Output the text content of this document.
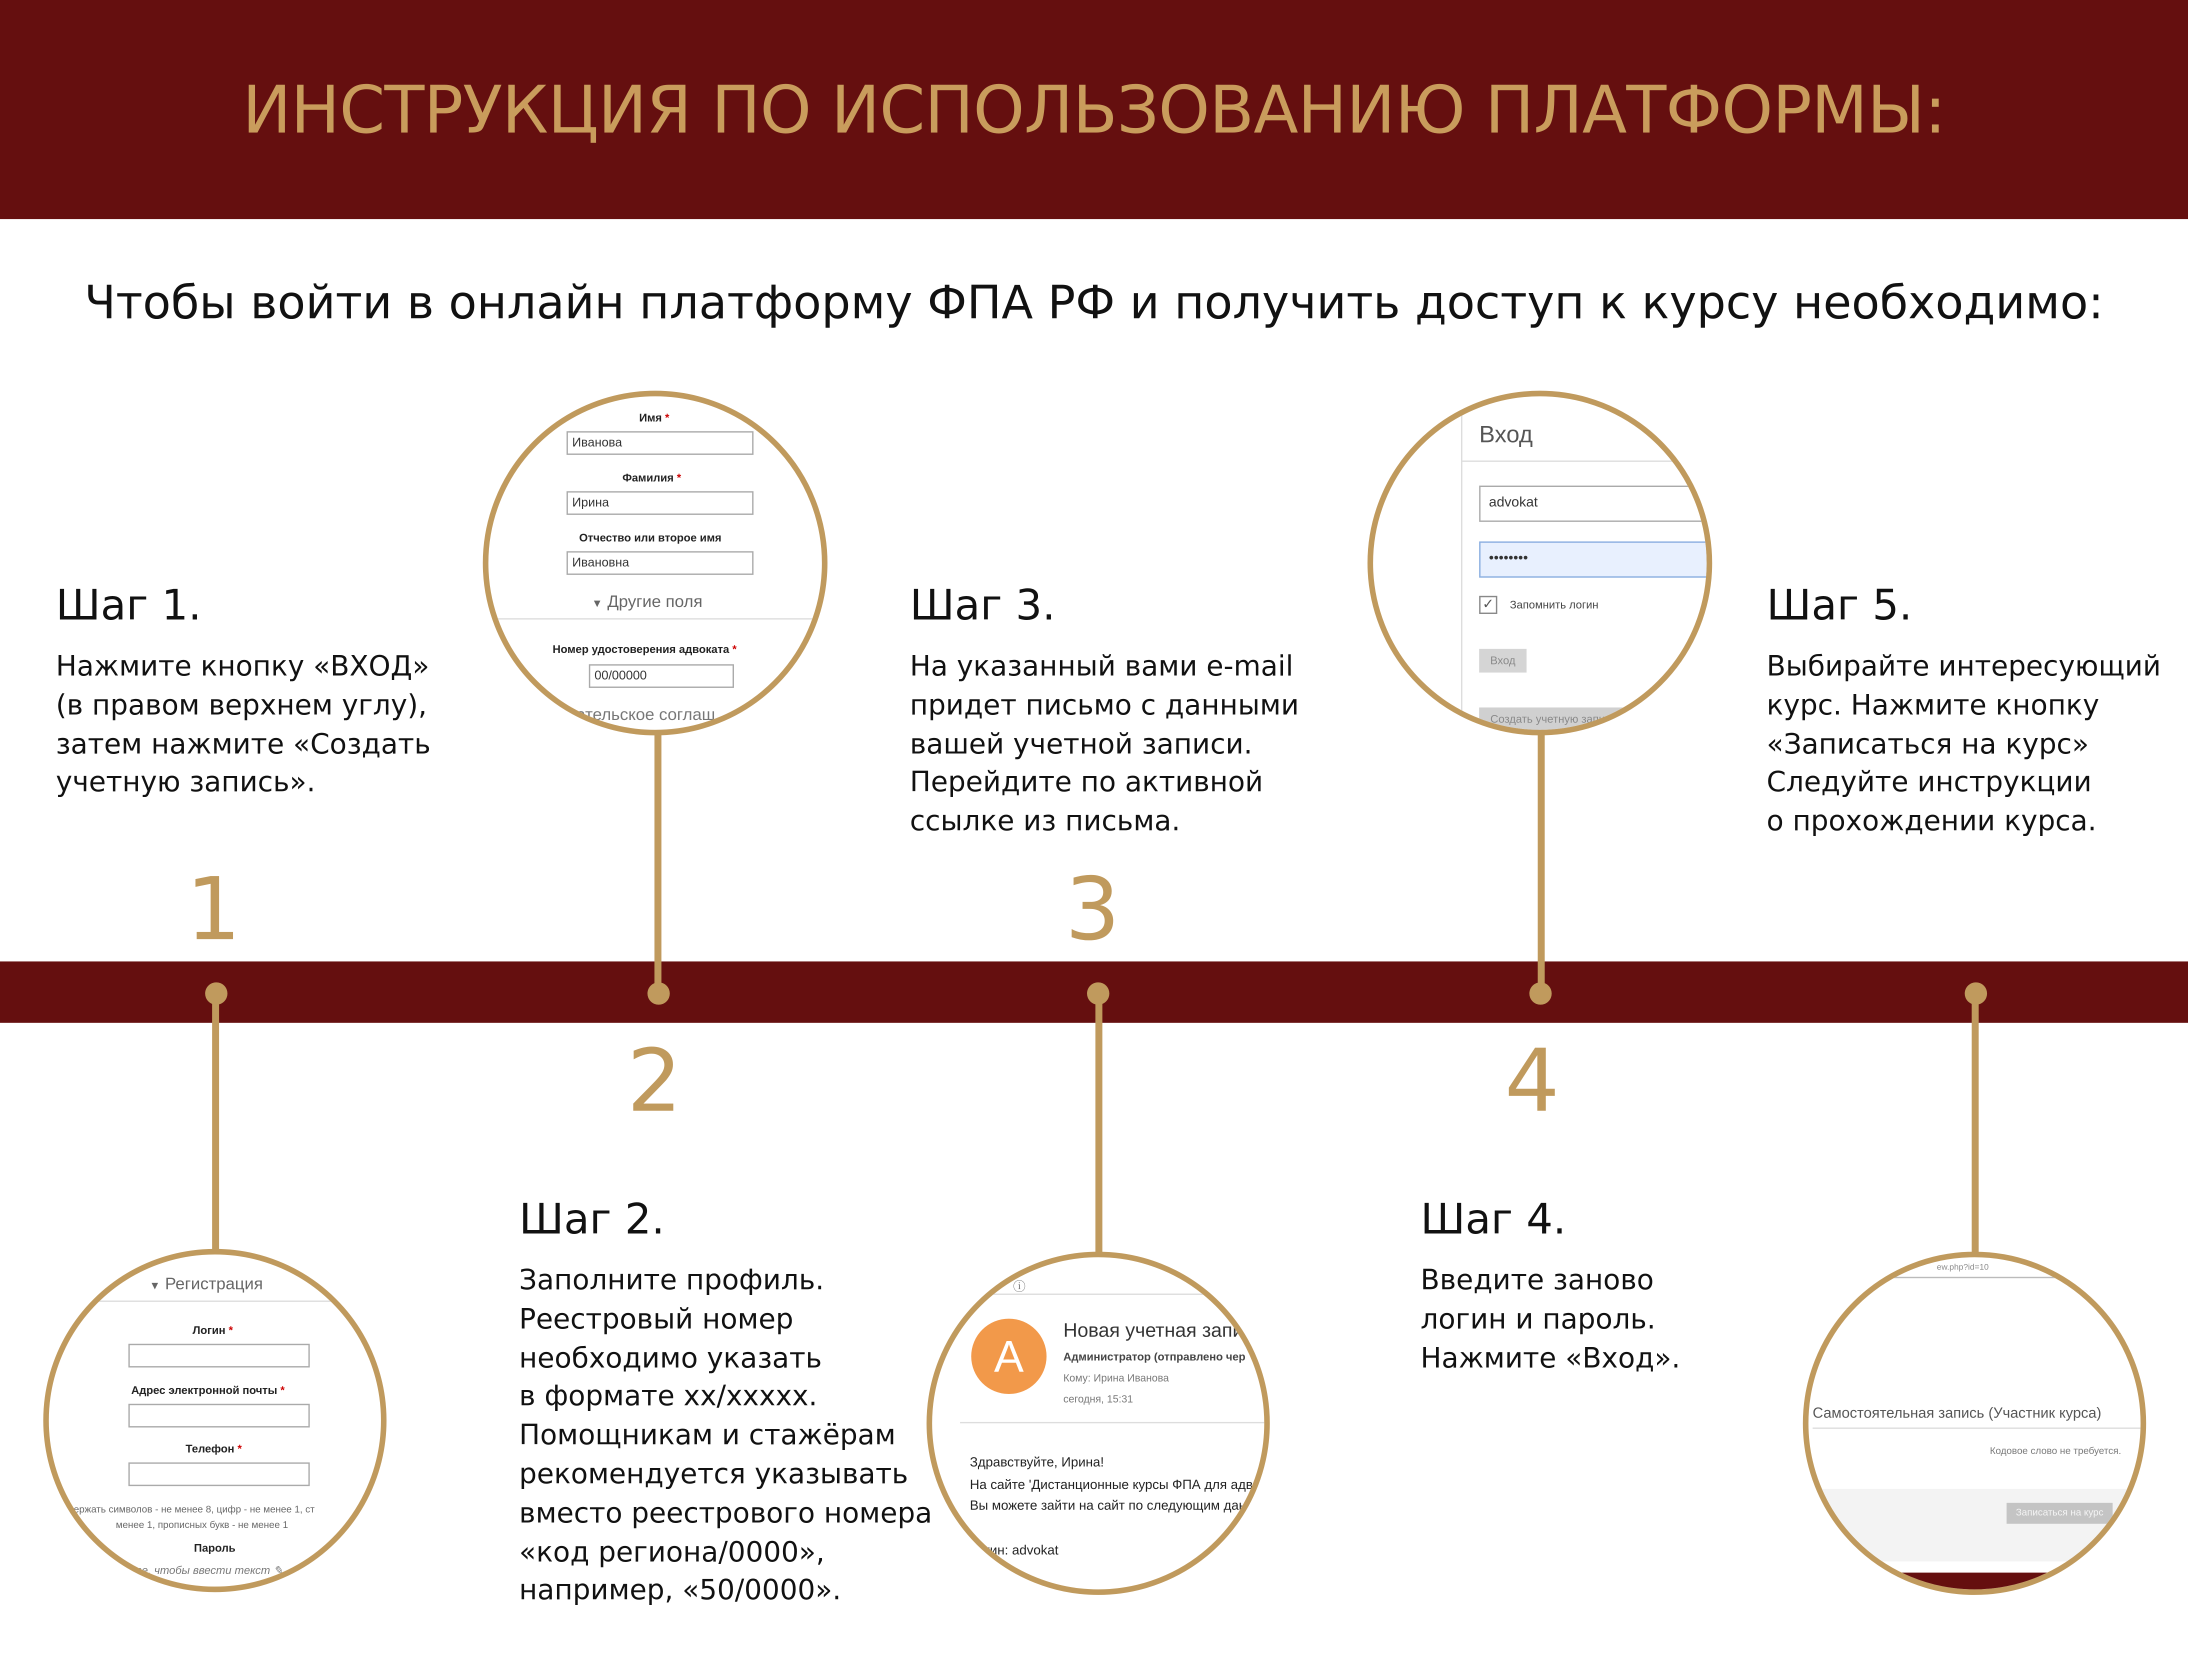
ИНСТРУКЦИЯ ПО ИСПОЛЬЗОВАНИЮ ПЛАТФОРМЫ:
Чтобы войти в онлайн платформу ФПА РФ и получить доступ к курсу необходимо:
1
2
3
4
Шаг 1.
Нажмите кнопку «ВХОД»
(в правом верхнем углу),
затем нажмите «Создать
учетную запись».
Шаг 2.
Заполните профиль.
Реестровый номер
необходимо указать
в формате хх/ххххх.
Помощникам и стажёрам
рекомендуется указывать
вместо реестрового номера
«код региона/0000»,
например, «50/0000».
Шаг 3.
На указанный вами e-mail
придет письмо с данными
вашей учетной записи.
Перейдите по активной
ссылке из письма.
Шаг 4.
Введите заново
логин и пароль.
Нажмите «Вход».
Шаг 5.
Выбирайте интересующий
курс. Нажмите кнопку
«Записаться на курс»
Следуйте инструкции
о прохождении курса.
▼ Регистрация
Логин *
Адрес электронной почты *
Телефон *
одержать символов - не менее 8, цифр - не менее 1, ст
менее 1, прописных букв - не менее 1
Пароль
мите, чтобы ввести текст ✎
Имя *
Иванова
Фамилия *
Ирина
Отчество или второе имя
Ивановна
▼ Другие поля
Номер удостоверения адвоката *
00/00000
овательское соглаш
ⓘ
A
Новая учетная запи
Администратор (отправлено чер
Кому: Ирина Иванова
сегодня, 15:31
Здравствуйте, Ирина!
На сайте 'Дистанционные курсы ФПА для адв
Вы можете зайти на сайт по следующим дан
логин: advokat
Вход
advokat
••••••••
✓	Запомнить логин
Вход
Создать учетную запись
ew.php?id=10
Самостоятельная запись (Участник курса)
Кодовое слово не требуется.
Записаться на курс
